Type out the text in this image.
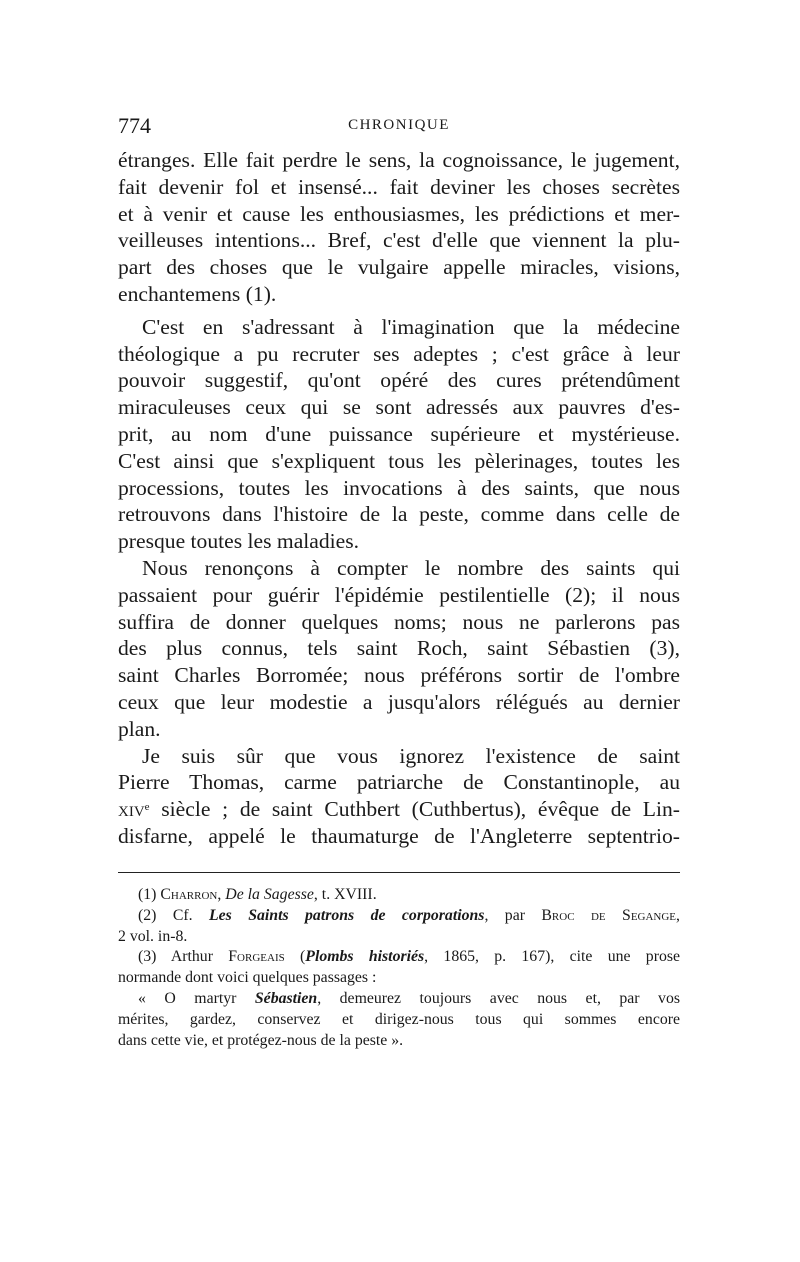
774	CHRONIQUE
étranges. Elle fait perdre le sens, la cognoissance, le jugement,
fait devenir fol et insensé... fait deviner les choses secrètes
et à venir et cause les enthousiasmes, les prédictions et mer-
veilleuses intentions... Bref, c'est d'elle que viennent la plu-
part des choses que le vulgaire appelle miracles, visions,
enchantemens (1).
C'est en s'adressant à l'imagination que la médecine
théologique a pu recruter ses adeptes ; c'est grâce à leur
pouvoir suggestif, qu'ont opéré des cures prétendûment
miraculeuses ceux qui se sont adressés aux pauvres d'es-
prit, au nom d'une puissance supérieure et mystérieuse.
C'est ainsi que s'expliquent tous les pèlerinages, toutes les
processions, toutes les invocations à des saints, que nous
retrouvons dans l'histoire de la peste, comme dans celle de
presque toutes les maladies.
Nous renonçons à compter le nombre des saints qui
passaient pour guérir l'épidémie pestilentielle (2); il nous
suffira de donner quelques noms; nous ne parlerons pas
des plus connus, tels saint Roch, saint Sébastien (3),
saint Charles Borromée; nous préférons sortir de l'ombre
ceux que leur modestie a jusqu'alors rélégués au dernier
plan.
Je suis sûr que vous ignorez l'existence de saint
Pierre Thomas, carme patriarche de Constantinople, au
xiv$^e$ siècle ; de saint Cuthbert (Cuthbertus), évêque de Lin-
disfarne, appelé le thaumaturge de l'Angleterre septentrio-
(1) Charron, De la Sagesse, t. XVIII.
(2) Cf. Les Saints patrons de corporations, par Broc de Segange,
2 vol. in-8.
(3) Arthur Forgeais (Plombs historiés, 1865, p. 167), cite une prose
normande dont voici quelques passages :
« O martyr Sébastien, demeurez toujours avec nous et, par vos
mérites, gardez, conservez et dirigez-nous tous qui sommes encore
dans cette vie, et protégez-nous de la peste ».
